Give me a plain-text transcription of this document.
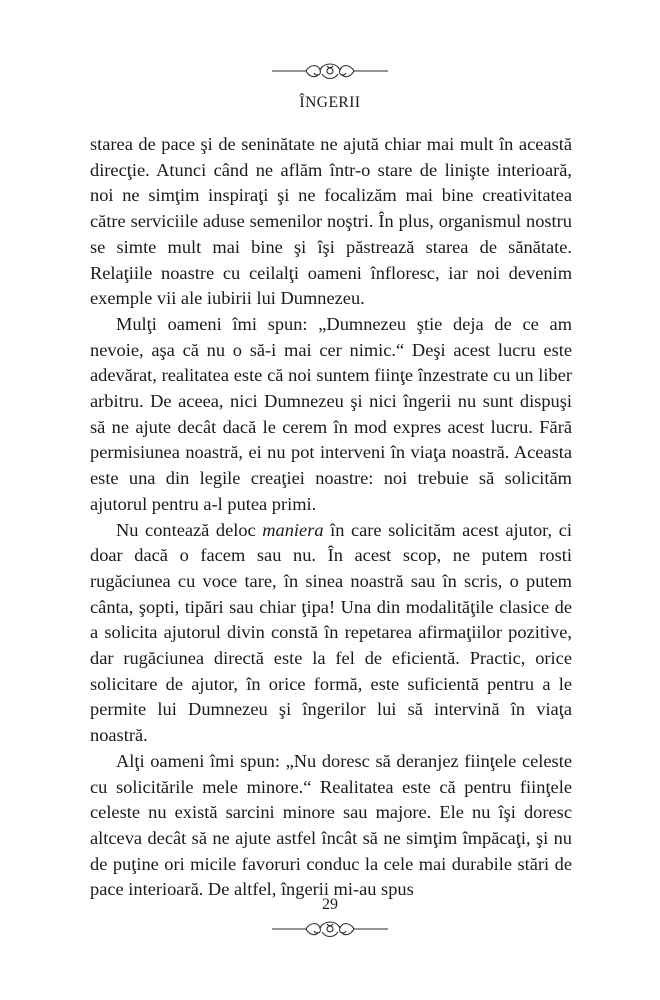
ÎNGERII

starea de pace şi de seninătate ne ajută chiar mai mult în această direcţie. Atunci când ne aflăm într-o stare de linişte interioară, noi ne simţim inspiraţi şi ne focalizăm mai bine creativitatea către serviciile aduse semenilor noştri. În plus, organismul nostru se simte mult mai bine şi îşi păstrează starea de sănătate. Relaţiile noastre cu ceilalţi oameni înfloresc, iar noi devenim exemple vii ale iubirii lui Dumnezeu.

Mulţi oameni îmi spun: „Dumnezeu ştie deja de ce am nevoie, aşa că nu o să-i mai cer nimic.“ Deşi acest lucru este adevărat, realitatea este că noi suntem fiinţe înzestrate cu un liber arbitru. De aceea, nici Dumnezeu şi nici îngerii nu sunt dispuşi să ne ajute decât dacă le cerem în mod expres acest lucru. Fără permisiunea noastră, ei nu pot interveni în viaţa noastră. Aceasta este una din legile creaţiei noastre: noi trebuie să solicităm ajutorul pentru a-l putea primi.

Nu contează deloc maniera în care solicităm acest ajutor, ci doar dacă o facem sau nu. În acest scop, ne putem rosti rugăciunea cu voce tare, în sinea noastră sau în scris, o putem cânta, şopti, tipări sau chiar ţipa! Una din modalităţile clasice de a solicita ajutorul divin constă în repetarea afirmaţiilor pozitive, dar rugăciunea directă este la fel de eficientă. Practic, orice solicitare de ajutor, în orice formă, este suficientă pentru a le permite lui Dumnezeu şi îngerilor lui să intervină în viaţa noastră.

Alţi oameni îmi spun: „Nu doresc să deranjez fiinţele celeste cu solicitările mele minore.“ Realitatea este că pentru fiinţele celeste nu există sarcini minore sau majore. Ele nu îşi doresc altceva decât să ne ajute astfel încât să ne simţim împăcaţi, şi nu de puţine ori micile favoruri conduc la cele mai durabile stări de pace interioară. De altfel, îngerii mi-au spus

29
